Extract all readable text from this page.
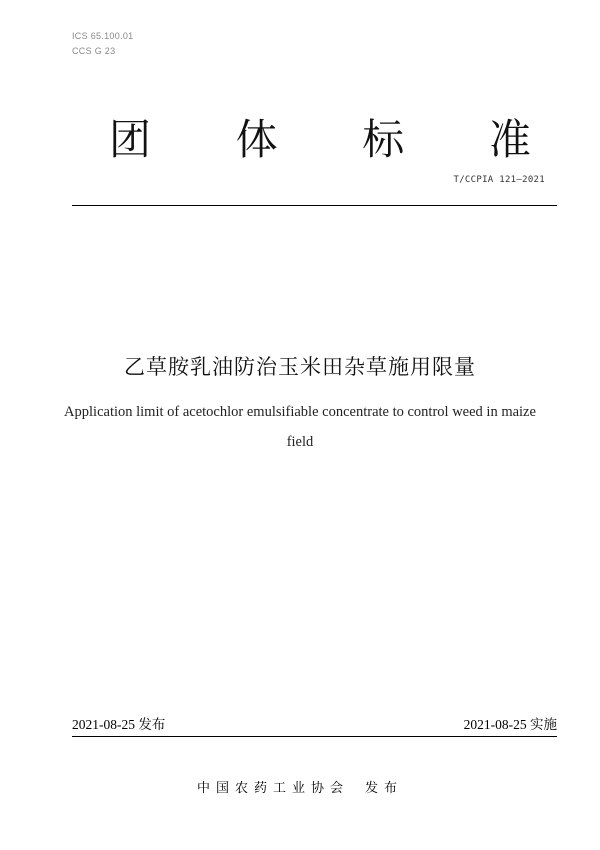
ICS 65.100.01
CCS G 23
团 体 标 准
T/CCPIA 121—2021
乙草胺乳油防治玉米田杂草施用限量
Application limit of acetochlor emulsifiable concentrate to control weed in maize
field
2021-08-25 发布	2021-08-25 实施
中国农药工业协会 发布
